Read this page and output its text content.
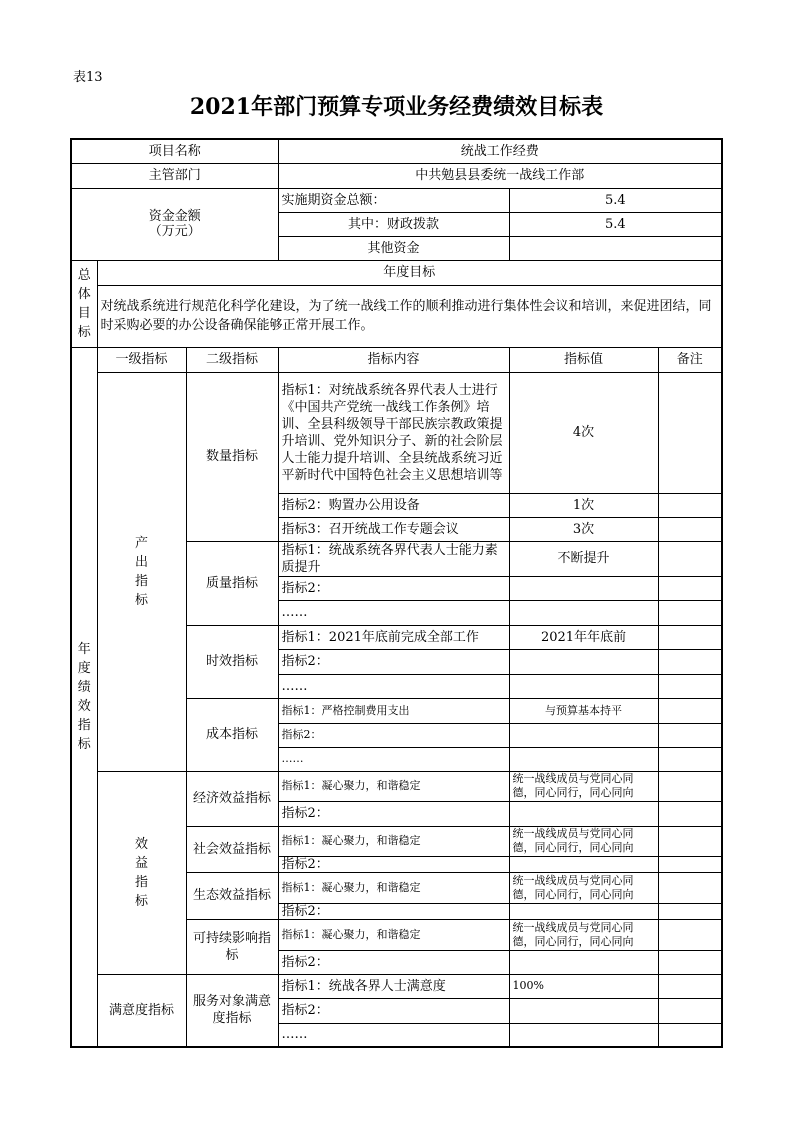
表13
2021年部门预算专项业务经费绩效目标表
项目名称			统战工作经费		
主管部门			中共勉县县委统一战线工作部		

资金金额
（万元）			实施期资金总额：	5.4	
			其中：财政拨款	5.4	
			其他资金		
总体目标	年度目标				
	对统战系统进行规范化科学化建设，为了统一战线工作的顺利推动进行集体性会议和培训，来促进团结，同时采购必要的办公设备确保能够正常开展工作。				
年度绩效指标	一级指标	二级指标	指标内容	指标值	备注
	产出指标	数量指标	指标1：对统战系统各界代表人士进行《中国共产党统一战线工作条例》培训、全县科级领导干部民族宗教政策提升培训、党外知识分子、新的社会阶层人士能力提升培训、全县统战系统习近平新时代中国特色社会主义思想培训等	4次	
			指标2：购置办公用设备	1次	
			指标3：召开统战工作专题会议	3次	
		质量指标	指标1：统战系统各界代表人士能力素质提升	不断提升	
			指标2：		
			……		
		时效指标	指标1：2021年底前完成全部工作	2021年年底前	
			指标2：		
			……		
		成本指标	指标1：严格控制费用支出	与预算基本持平	
			指标2：		
			……		
	效益指标	经济效益指标	指标1：凝心聚力，和谐稳定	统一战线成员与党同心同德，同心同行，同心同向	
			指标2：		
		社会效益指标	指标1：凝心聚力，和谐稳定	统一战线成员与党同心同德，同心同行，同心同向	
			指标2：		
		生态效益指标	指标1：凝心聚力，和谐稳定	统一战线成员与党同心同德，同心同行，同心同向	
			指标2：		
		可持续影响指标	指标1：凝心聚力，和谐稳定	统一战线成员与党同心同德，同心同行，同心同向	
			指标2：		
	满意度指标	服务对象满意度指标	指标1：统战各界人士满意度	100%	
			指标2：		
			……		
